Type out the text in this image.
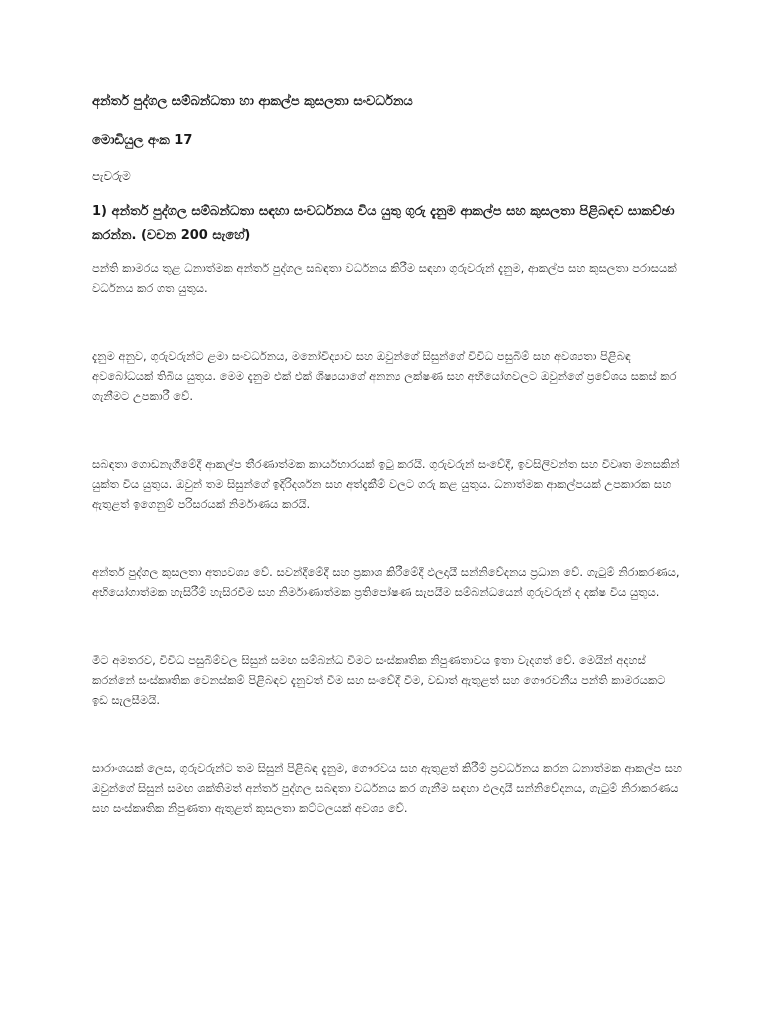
අන්තර් පුද්ගල සම්බන්ධතා හා ආකල්ප කුසලතා සංවර්ධනය
මොඩියුල අංක 17
පැවරුම
1) අන්තර් පුද්ගල සම්බන්ධතා සඳහා සංවර්ධනය විය යුතු ගුරු දැනුම ආකල්ප සහ කුසලතා පිළිබඳව සාකච්ඡා කරන්න. (වචන 200 සැහේ)

පන්ති කාමරය තුළ ධනාත්මක අන්තර් පුද්ගල සබඳතා වර්ධනය කිරීම සඳහා ගුරුවරුන් දැනුම, ආකල්ප සහ කුසලතා පරාසයක් වර්ධනය කර ගත යුතුය.

දැනුම අනුව, ගුරුවරුන්ට ළමා සංවර්ධනය, මනෝවිද්‍යාව සහ ඔවුන්ගේ සිසුන්ගේ විවිධ පසුබිම් සහ අවශ්‍යතා පිළිබඳ අවබෝධයක් තිබිය යුතුය. මෙම දැනුම එක් එක් ශිෂ්‍යයාගේ අනන්‍ය ලක්ෂණ සහ අභියෝගවලට ඔවුන්ගේ ප්‍රවේශය සකස් කර ගැනීමට උපකාරී වේ.

සබඳතා ගොඩනැගීමේදී ආකල්ප තීරණාත්මක කාර්යභාරයක් ඉටු කරයි. ගුරුවරුන් සංවේදී, ඉවසිලිවන්ත සහ විවෘත මනසකින් යුක්ත විය යුතුය. ඔවුන් තම සිසුන්ගේ ඉදිරිදර්ශන සහ අත්දැකීම් වලට ගරු කළ යුතුය. ධනාත්මක ආකල්පයක් උපකාරක සහ ඇතුළත් ඉගෙනුම් පරිසරයක් නිර්මාණය කරයි.

අන්තර් පුද්ගල කුසලතා අත්‍යවශ්‍ය වේ. සවන්දීමේදී සහ ප්‍රකාශ කිරීමේදී ඵලදායී සන්නිවේදනය ප්‍රධාන වේ. ගැටුම් නිරාකරණය, අභියෝගාත්මක හැසිරීම් හැසිරවීම සහ නිර්මාණාත්මක ප්‍රතිපෝෂණ සැපයීම සම්බන්ධයෙන් ගුරුවරුන් ද දක්ෂ විය යුතුය.

මීට අමතරව, විවිධ පසුබිම්වල සිසුන් සමඟ සම්බන්ධ වීමට සංස්කෘතික නිපුණතාවය ඉතා වැදගත් වේ. මෙයින් අදහස් කරන්නේ සංස්කෘතික වෙනස්කම් පිළිබඳව දැනුවත් වීම සහ සංවේදී වීම, වඩාත් ඇතුළත් සහ ගෞරවනීය පන්ති කාමරයකට ඉඩ සැලසීමයි.

සාරාංශයක් ලෙස, ගුරුවරුන්ට තම සිසුන් පිළිබඳ දැනුම, ගෞරවය සහ ඇතුළත් කිරීම් ප්‍රවර්ධනය කරන ධනාත්මක ආකල්ප සහ ඔවුන්ගේ සිසුන් සමඟ ශක්තිමත් අන්තර් පුද්ගල සබඳතා වර්ධනය කර ගැනීම සඳහා ඵලදායී සන්නිවේදනය, ගැටුම් නිරාකරණය සහ සංස්කෘතික නිපුණතා ඇතුළත් කුසලතා කට්ටලයක් අවශ්‍ය වේ.
